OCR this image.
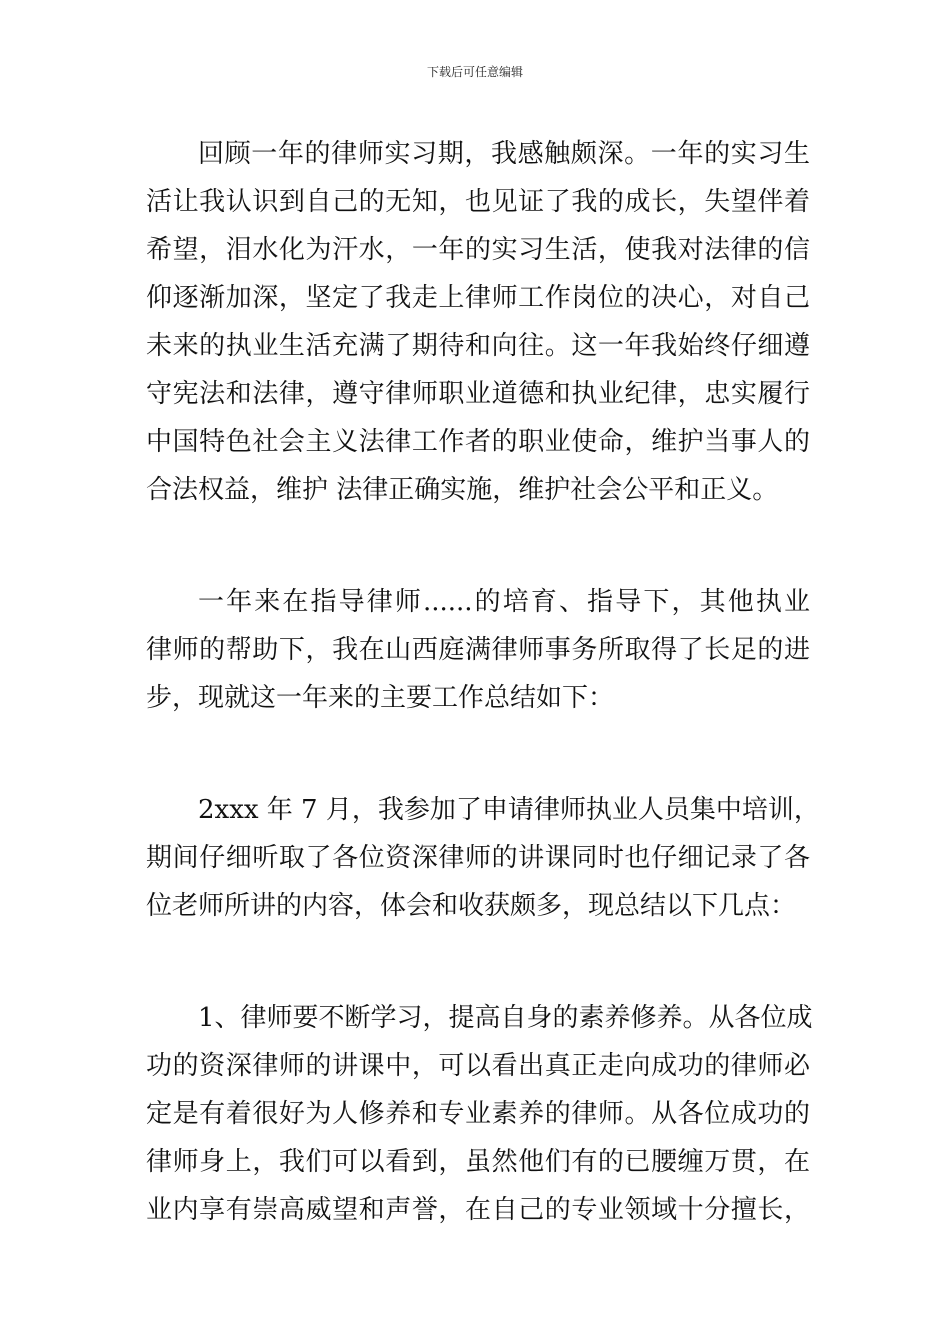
下载后可任意编辑
回顾一年的律师实习期，我感触颇深。一年的实习生
活让我认识到自己的无知，也见证了我的成长，失望伴着
希望，泪水化为汗水，一年的实习生活，使我对法律的信
仰逐渐加深，坚定了我走上律师工作岗位的决心，对自己
未来的执业生活充满了期待和向往。这一年我始终仔细遵
守宪法和法律，遵守律师职业道德和执业纪律，忠实履行
中国特色社会主义法律工作者的职业使命，维护当事人的
合法权益，维护 法律正确实施，维护社会公平和正义。
一年来在指导律师......的培育、指导下，其他执业
律师的帮助下，我在山西庭满律师事务所取得了长足的进
步，现就这一年来的主要工作总结如下：
2xxx 年 7 月，我参加了申请律师执业人员集中培训，
期间仔细听取了各位资深律师的讲课同时也仔细记录了各
位老师所讲的内容，体会和收获颇多，现总结以下几点：
1、律师要不断学习，提高自身的素养修养。从各位成
功的资深律师的讲课中，可以看出真正走向成功的律师必
定是有着很好为人修养和专业素养的律师。从各位成功的
律师身上，我们可以看到，虽然他们有的已腰缠万贯，在
业内享有崇高威望和声誉，在自己的专业领域十分擅长，
